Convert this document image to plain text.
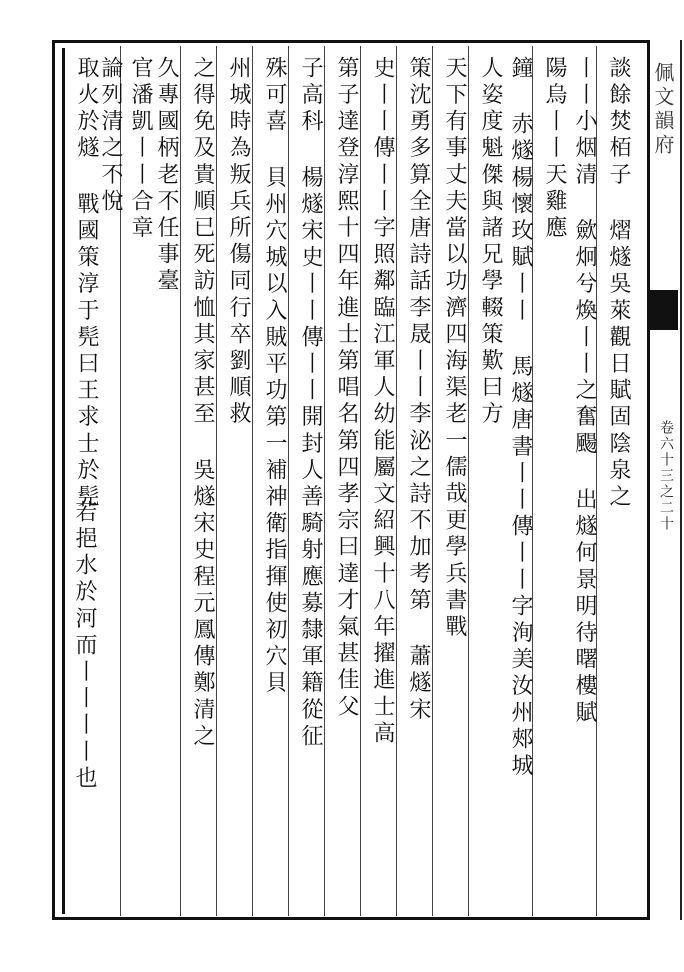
佩文韻府
卷六十三之二十
談餘焚栢子 熠燧吳萊觀日賦固陰泉之
丨丨小烟清 歛炯兮煥丨丨之奮颺 出燧何景明待曙樓賦
陽烏丨丨天雞應
鐘 赤燧楊懷玫賦丨丨 馬燧唐書丨丨傳丨丨字洵美汝州郟城
人姿度魁傑與諸兄學輟策歎曰方
天下有事丈夫當以功濟四海渠老一儒哉更學兵書戰
策沈勇多算全唐詩話李晟丨丨李泌之詩不加考第 蕭燧宋
史丨丨傳丨丨字照鄰臨江軍人幼能屬文紹興十八年擢進士高
第子達登淳熙十四年進士第唱名第四孝宗曰達才氣甚佳父
子高科 楊燧宋史丨丨傳丨丨開封人善騎射應募隸軍籍從征
殊可喜 貝州穴城以入賊平功第一補神衛指揮使初穴貝
州城時為叛兵所傷同行卒劉順救
之得免及貴順已死訪恤其家甚至 吳燧宋史程元鳳傳鄭清之
久專國柄老不任事臺
官潘凱丨丨合章
論列清之不悅
取火於燧 戰國策淳于髡曰王求士於髡
若挹水於河而丨丨丨丨也
